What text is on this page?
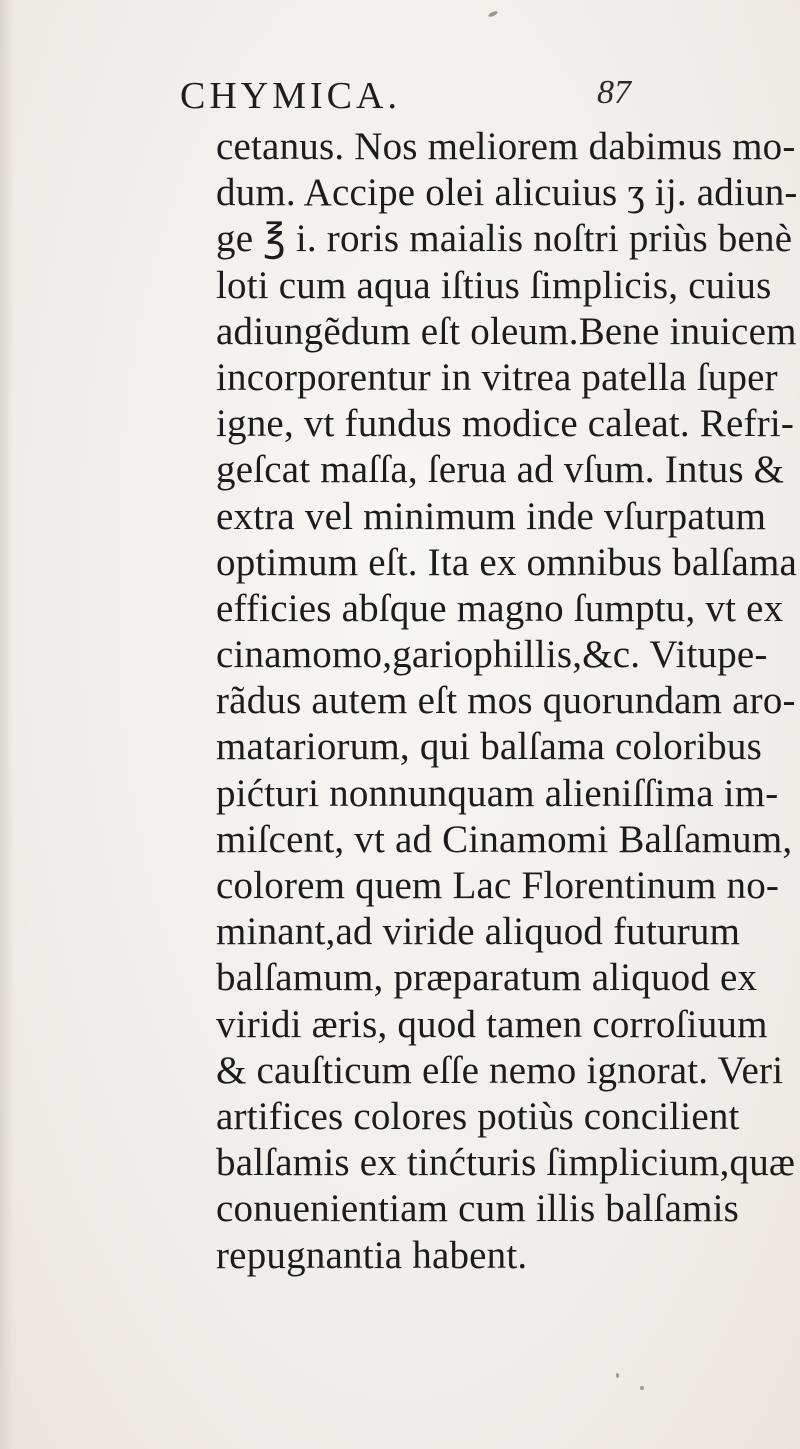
CHYMICA.	87
cetanus. Nos meliorem dabimus mo-
dum. Accipe olei alicuius ʒ ij. adiun-
ge ℥ i. roris maialis noſtri priùs benè
loti cum aqua iſtius ſimplicis, cuius
adiungẽdum eſt oleum.Bene inuicem
incorporentur in vitrea patella ſuper
igne, vt fundus modice caleat. Refri-
geſcat maſſa, ſerua ad vſum. Intus &
extra vel minimum inde vſurpatum
optimum eſt. Ita ex omnibus balſama
efficies abſque magno ſumptu, vt ex
cinamomo,gariophillis,&c. Vitupe-
rãdus autem eſt mos quorundam aro-
matariorum, qui balſama coloribus
pićturi nonnunquam alieniſſima im-
miſcent, vt ad Cinamomi Balſamum,
colorem quem Lac Florentinum no-
minant,ad viride aliquod futurum
balſamum, præparatum aliquod ex
viridi æris, quod tamen corroſiuum
& cauſticum eſſe nemo ignorat. Veri
artifices colores potiùs concilient
balſamis ex tinćturis ſimplicium,quæ
conuenientiam cum illis balſamis
repugnantia habent.
